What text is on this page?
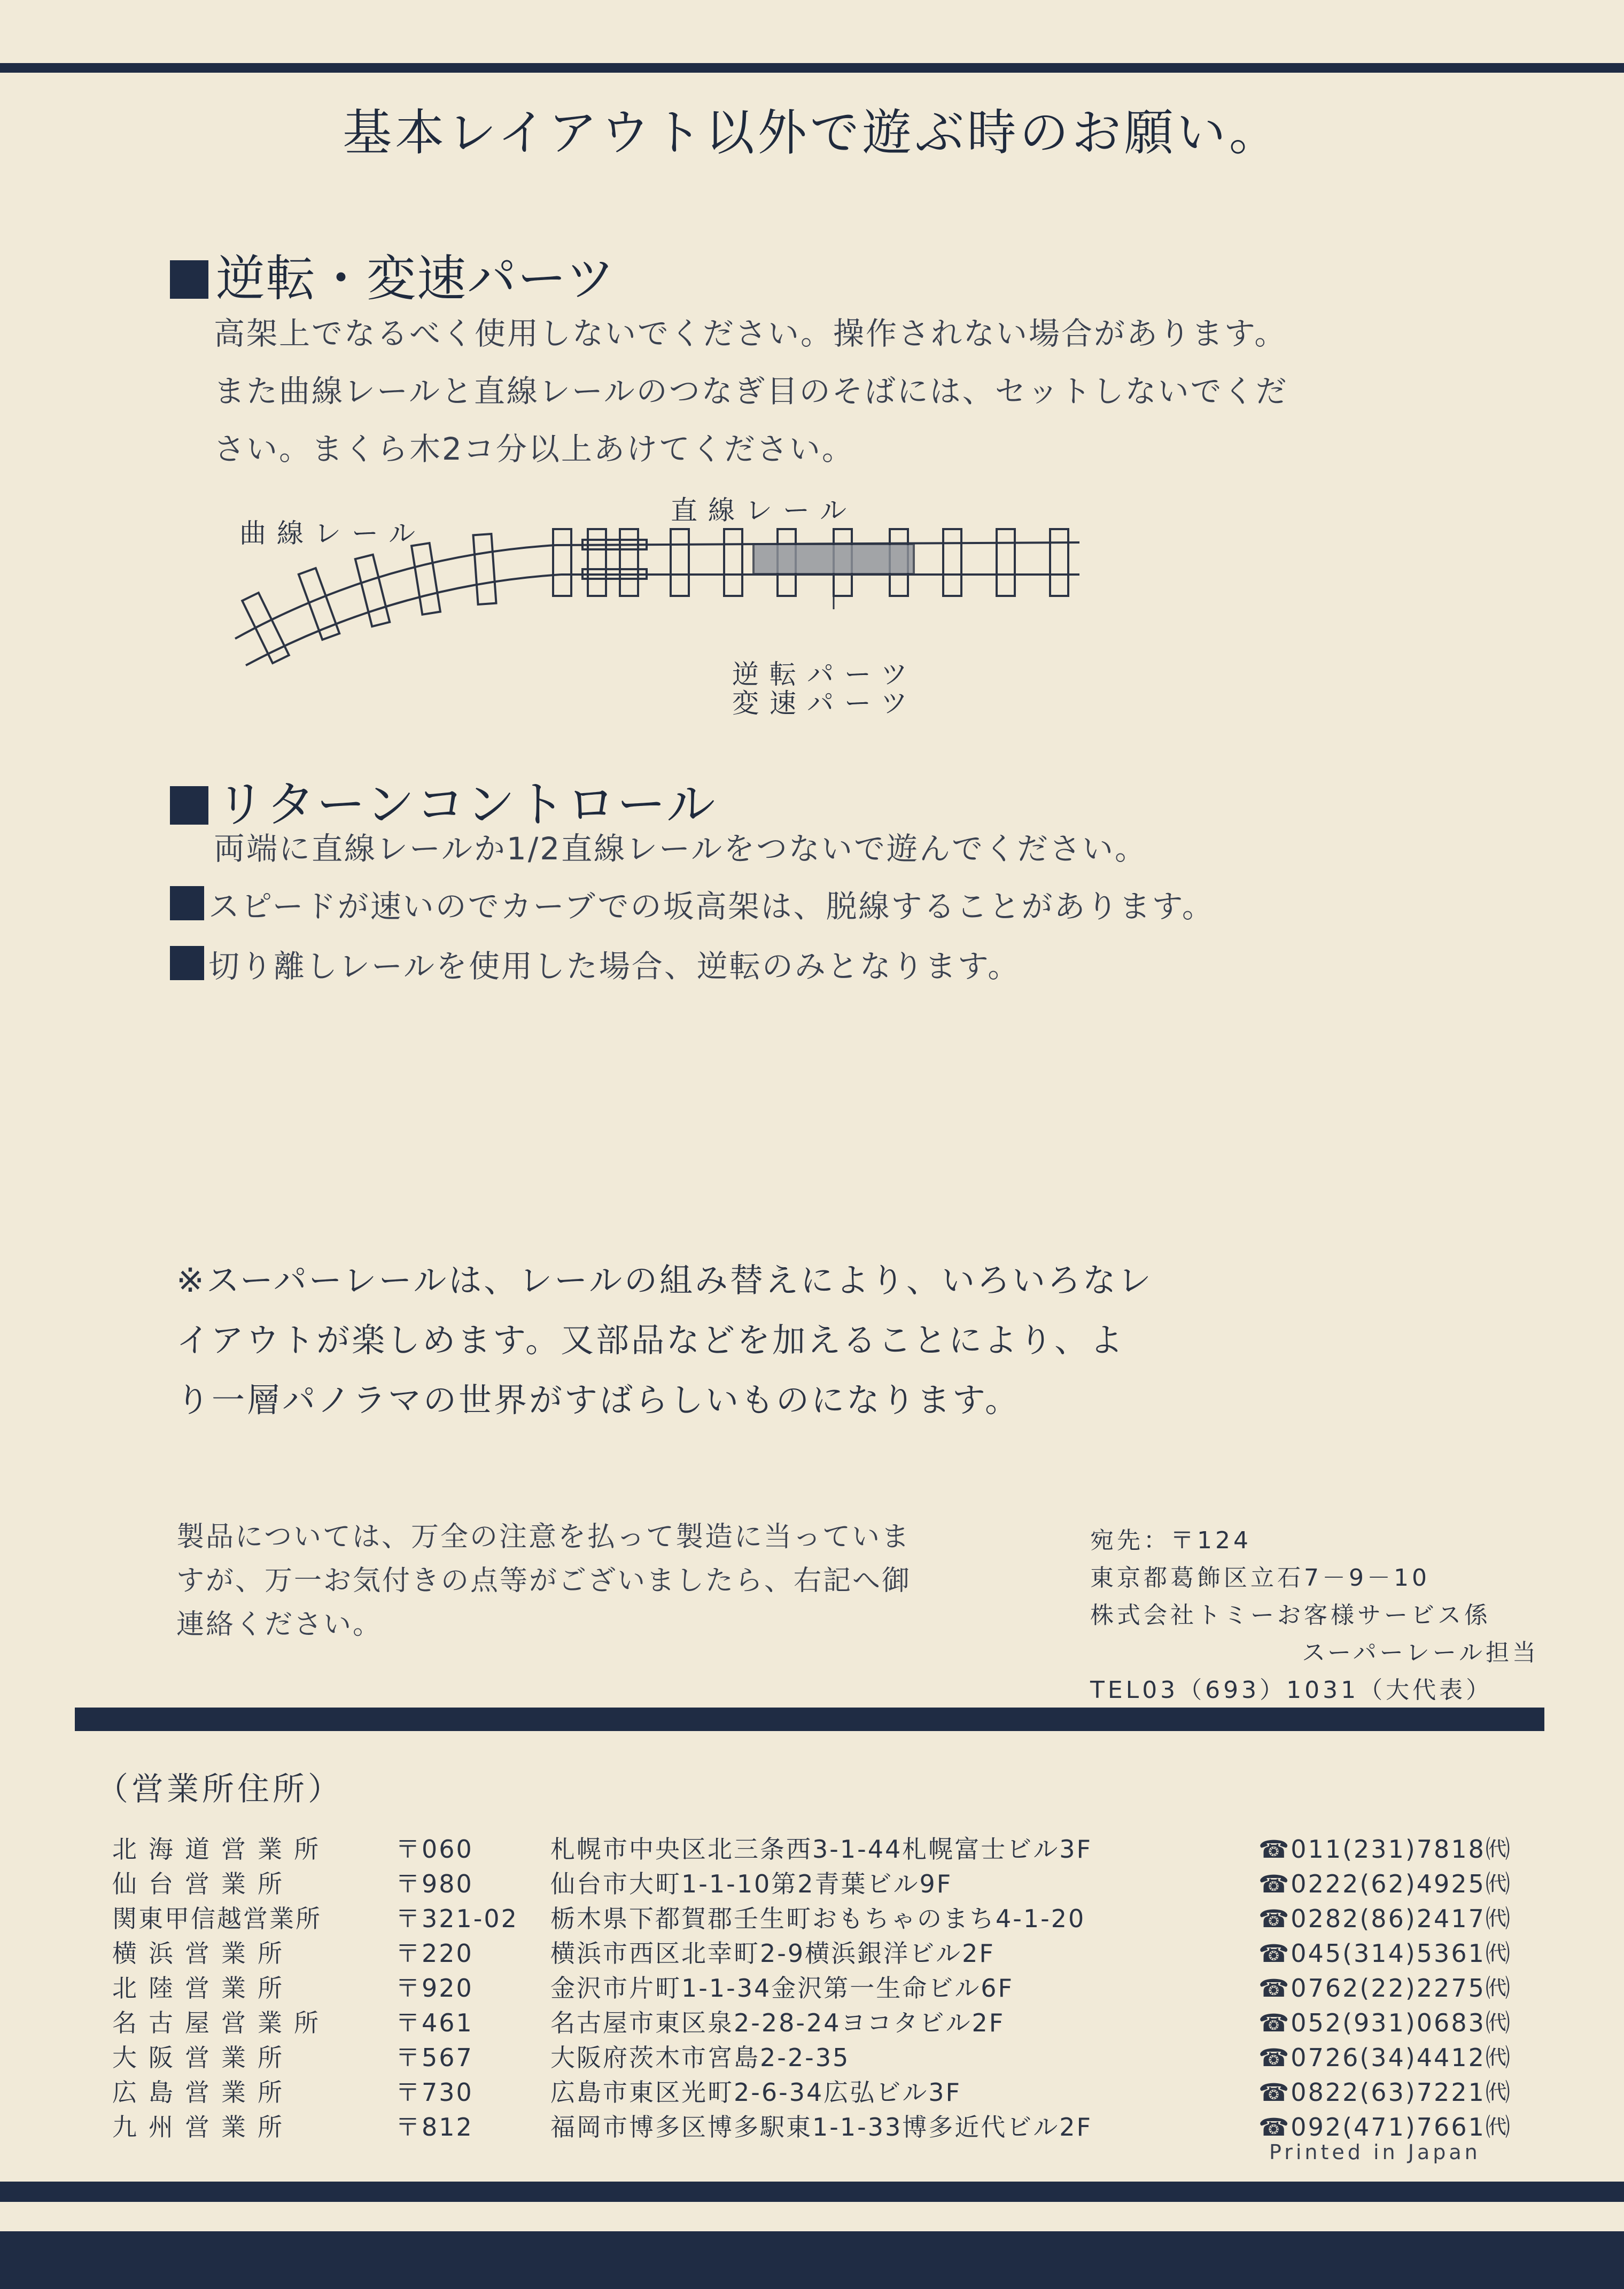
基本レイアウト以外で遊ぶ時のお願い。
逆転・変速パーツ
高架上でなるべく使用しないでください。操作されない場合があります。
また曲線レールと直線レールのつなぎ目のそばには、セットしないでくだ
さい。まくら木2コ分以上あけてください。
曲線レール
直線レール
逆転パーツ
変速パーツ
リターンコントロール
両端に直線レールか1/2直線レールをつないで遊んでください。
スピードが速いのでカーブでの坂高架は、脱線することがあります。
切り離しレールを使用した場合、逆転のみとなります。
※スーパーレールは、レールの組み替えにより、いろいろなレ
イアウトが楽しめます。又部品などを加えることにより、よ
り一層パノラマの世界がすばらしいものになります。
製品については、万全の注意を払って製造に当っていま
すが、万一お気付きの点等がございましたら、右記へ御
連絡ください。
宛先：〒124
東京都葛飾区立石7－9－10
株式会社トミーお客様サービス係
スーパーレール担当
TEL03（693）1031（大代表）
（営業所住所）
北海道営業所	〒060	札幌市中央区北三条西3-1-44札幌富士ビル3F	☎011(231)7818㈹
仙台営業所	〒980	仙台市大町1-1-10第2青葉ビル9F	☎0222(62)4925㈹
関東甲信越営業所	〒321-02 栃木県下都賀郡壬生町おもちゃのまち4-1-20	☎0282(86)2417㈹
横浜営業所	〒220	横浜市西区北幸町2-9横浜銀洋ビル2F	☎045(314)5361㈹
北陸営業所	〒920	金沢市片町1-1-34金沢第一生命ビル6F	☎0762(22)2275㈹
名古屋営業所	〒461	名古屋市東区泉2-28-24ヨコタビル2F	☎052(931)0683㈹
大阪営業所	〒567	大阪府茨木市宮島2-2-35	☎0726(34)4412㈹
広島営業所	〒730	広島市東区光町2-6-34広弘ビル3F	☎0822(63)7221㈹
九州営業所	〒812	福岡市博多区博多駅東1-1-33博多近代ビル2F	☎092(471)7661㈹
Printed in Japan
